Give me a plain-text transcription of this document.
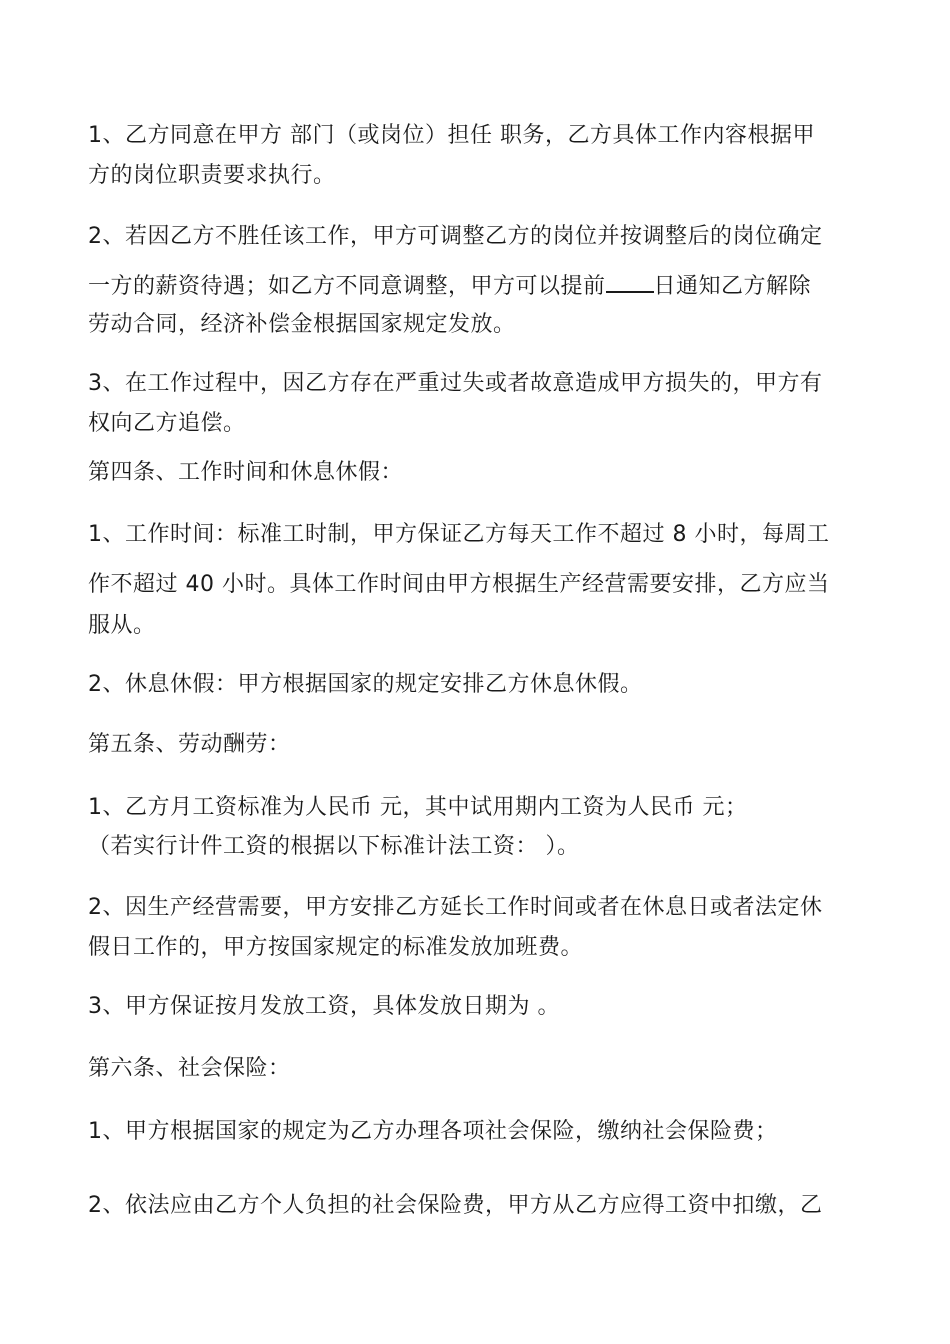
1、乙方同意在甲方 部门（或岗位）担任 职务，乙方具体工作内容根据甲
方的岗位职责要求执行。
2、若因乙方不胜任该工作，甲方可调整乙方的岗位并按调整后的岗位确定
一方的薪资待遇；如乙方不同意调整，甲方可以提前 日通知乙方解除
劳动合同，经济补偿金根据国家规定发放。
3、在工作过程中，因乙方存在严重过失或者故意造成甲方损失的，甲方有
权向乙方追偿。
第四条、工作时间和休息休假：
1、工作时间：标准工时制，甲方保证乙方每天工作不超过 8 小时，每周工
作不超过 40 小时。具体工作时间由甲方根据生产经营需要安排，乙方应当
服从。
2、休息休假：甲方根据国家的规定安排乙方休息休假。
第五条、劳动酬劳：
1、乙方月工资标准为人民币 元，其中试用期内工资为人民币 元；
（若实行计件工资的根据以下标准计法工资： ）。
2、因生产经营需要，甲方安排乙方延长工作时间或者在休息日或者法定休
假日工作的，甲方按国家规定的标准发放加班费。
3、甲方保证按月发放工资，具体发放日期为 。
第六条、社会保险：
1、甲方根据国家的规定为乙方办理各项社会保险，缴纳社会保险费；
2、依法应由乙方个人负担的社会保险费，甲方从乙方应得工资中扣缴，乙
